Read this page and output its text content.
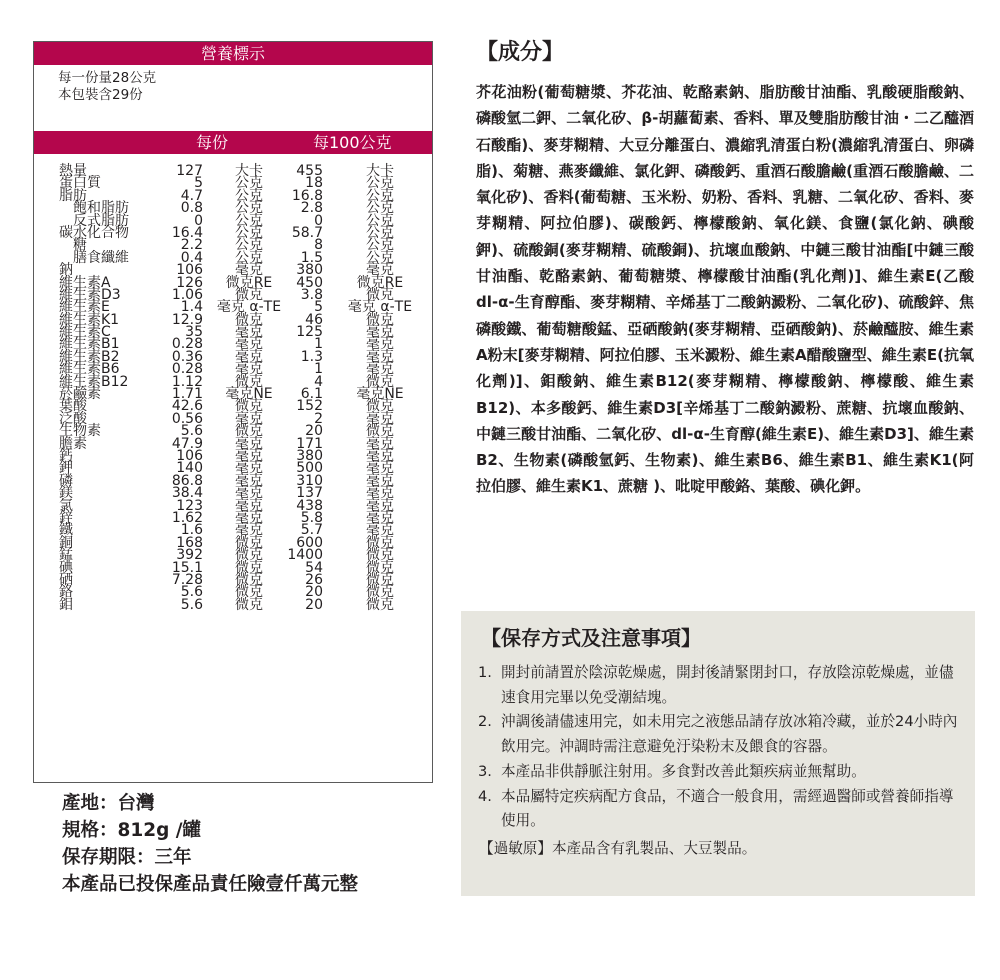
營養標示
每一份量28公克
本包裝含29份
每份	每100公克
熱量	127	大卡	455	大卡
蛋白質	5	公克	18	公克
脂肪	4.7	公克	16.8	公克
　飽和脂肪	0.8	公克	2.8	公克
　反式脂肪	0	公克	0	公克
碳水化合物	16.4	公克	58.7	公克
　糖	2.2	公克	8	公克
　膳食纖維	0.4	公克	1.5	公克
鈉	106	毫克	380	毫克
維生素A	126	微克RE	450	微克RE
維生素D3	1.06	微克	3.8	微克
維生素E	1.4 毫克 α-TE	5	毫克 α-TE
維生素K1	12.9	微克	46	微克
維生素C	35	毫克	125	毫克
維生素B1	0.28	毫克	1	毫克
維生素B2	0.36	毫克	1.3	毫克
維生素B6	0.28	毫克	1	毫克
維生素B12	1.12	微克	4	微克
菸鹼素	1.71	毫克NE	6.1	毫克NE
葉酸	42.6	微克	152	微克
泛酸	0.56	毫克	2	毫克
生物素	5.6	微克	20	微克
膽素	47.9	毫克	171	毫克
鈣	106	毫克	380	毫克
鉀	140	毫克	500	毫克
磷	86.8	毫克	310	毫克
鎂	38.4	毫克	137	毫克
氯	123	毫克	438	毫克
鋅	1.62	毫克	5.8	毫克
鐵	1.6	毫克	5.7	毫克
銅	168	微克	600	微克
錳	392	微克	1400	微克
碘	15.1	微克	54	微克
硒	7.28	微克	26	微克
鉻	5.6	微克	20	微克
鉬	5.6	微克	20	微克
產地：台灣
規格：812g /罐
保存期限：三年
本產品已投保產品責任險壹仟萬元整
【成分】
芥花油粉(葡萄糖漿、芥花油、乾酪素鈉、脂肪酸甘油酯、乳酸硬脂酸鈉、磷酸氫二鉀、二氧化矽、β-胡蘿蔔素、香料、單及雙脂肪酸甘油・二乙醯酒石酸酯)、麥芽糊精、大豆分離蛋白、濃縮乳清蛋白粉(濃縮乳清蛋白、卵磷脂)、菊糖、燕麥纖維、氯化鉀、磷酸鈣、重酒石酸膽鹼(重酒石酸膽鹼、二氧化矽)、香料(葡萄糖、玉米粉、奶粉、香料、乳糖、二氧化矽、香料、麥芽糊精、阿拉伯膠)、碳酸鈣、檸檬酸鈉、氧化鎂、食鹽(氯化鈉、碘酸鉀)、硫酸銅(麥芽糊精、硫酸銅)、抗壞血酸鈉、中鏈三酸甘油酯[中鏈三酸甘油酯、乾酪素鈉、葡萄糖漿、檸檬酸甘油酯(乳化劑)]、維生素E(乙酸 dl-α-生育醇酯、麥芽糊精、辛烯基丁二酸鈉澱粉、二氧化矽)、硫酸鋅、焦磷酸鐵、葡萄糖酸錳、亞硒酸鈉(麥芽糊精、亞硒酸鈉)、菸鹼醯胺、維生素A粉末[麥芽糊精、阿拉伯膠、玉米澱粉、維生素A醋酸鹽型、維生素E(抗氧化劑)]、鉬酸鈉、維生素B12(麥芽糊精、檸檬酸鈉、檸檬酸、維生素 B12)、本多酸鈣、維生素D3[辛烯基丁二酸鈉澱粉、蔗糖、抗壞血酸鈉、中鏈三酸甘油酯、二氧化矽、dl-α-生育醇(維生素E)、維生素D3]、維生素B2、生物素(磷酸氫鈣、生物素)、維生素B6、維生素B1、維生素K1(阿拉伯膠、維生素K1、蔗糖 )、吡啶甲酸鉻、葉酸、碘化鉀。
【保存方式及注意事項】
1. 開封前請置於陰涼乾燥處，開封後請緊閉封口，存放陰涼乾燥處，並儘速食用完畢以免受潮結塊。
2. 沖調後請儘速用完，如未用完之液態品請存放冰箱冷藏，並於24小時內飲用完。沖調時需注意避免汙染粉末及餵食的容器。
3. 本產品非供靜脈注射用。多食對改善此類疾病並無幫助。
4. 本品屬特定疾病配方食品，不適合一般食用，需經過醫師或營養師指導使用。
【過敏原】本產品含有乳製品、大豆製品。
